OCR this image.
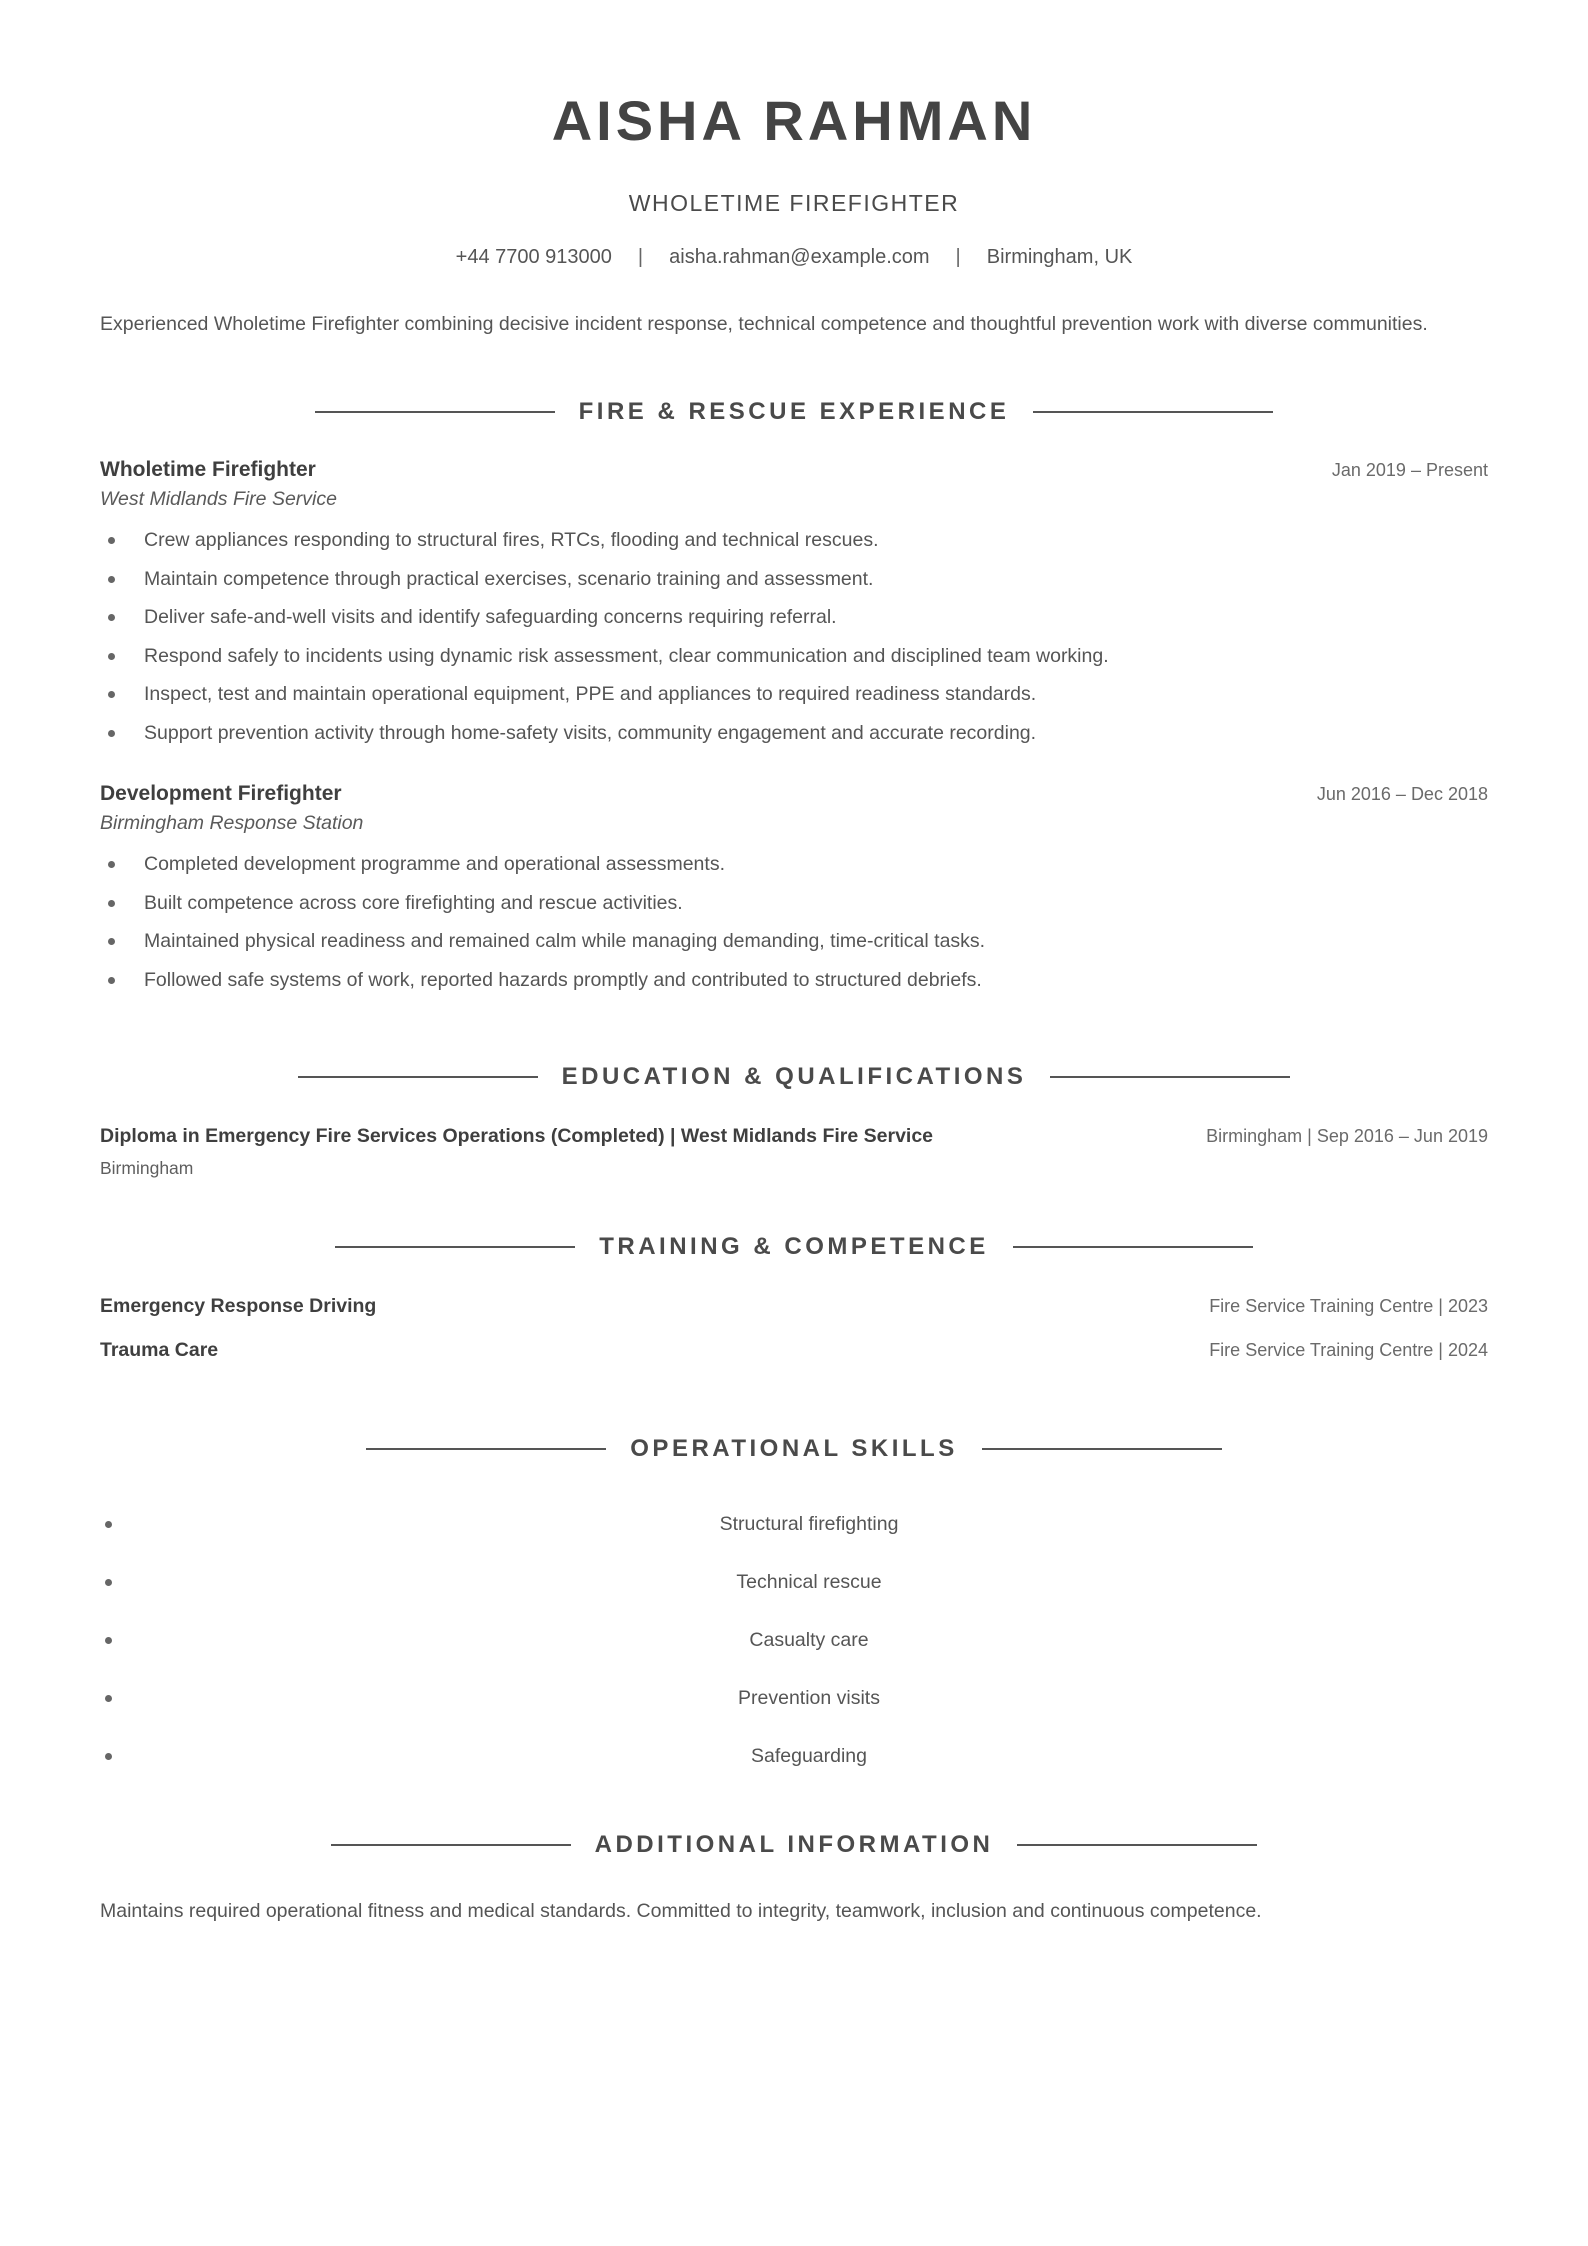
AISHA RAHMAN
WHOLETIME FIREFIGHTER
+44 7700 913000 | aisha.rahman@example.com | Birmingham, UK

Experienced Wholetime Firefighter combining decisive incident response, technical competence and thoughtful prevention work with diverse communities.

FIRE & RESCUE EXPERIENCE
Wholetime Firefighter	Jan 2019 – Present
West Midlands Fire Service
Crew appliances responding to structural fires, RTCs, flooding and technical rescues.
Maintain competence through practical exercises, scenario training and assessment.
Deliver safe-and-well visits and identify safeguarding concerns requiring referral.
Respond safely to incidents using dynamic risk assessment, clear communication and disciplined team working.
Inspect, test and maintain operational equipment, PPE and appliances to required readiness standards.
Support prevention activity through home-safety visits, community engagement and accurate recording.
Development Firefighter	Jun 2016 – Dec 2018
Birmingham Response Station
Completed development programme and operational assessments.
Built competence across core firefighting and rescue activities.
Maintained physical readiness and remained calm while managing demanding, time-critical tasks.
Followed safe systems of work, reported hazards promptly and contributed to structured debriefs.
EDUCATION & QUALIFICATIONS
Diploma in Emergency Fire Services Operations (Completed) | West Midlands Fire Service	Birmingham | Sep 2016 – Jun 2019
Birmingham
TRAINING & COMPETENCE
Emergency Response Driving	Fire Service Training Centre | 2023
Trauma Care	Fire Service Training Centre | 2024
OPERATIONAL SKILLS
Structural firefighting
Technical rescue
Casualty care
Prevention visits
Safeguarding
ADDITIONAL INFORMATION

Maintains required operational fitness and medical standards. Committed to integrity, teamwork, inclusion and continuous competence.
